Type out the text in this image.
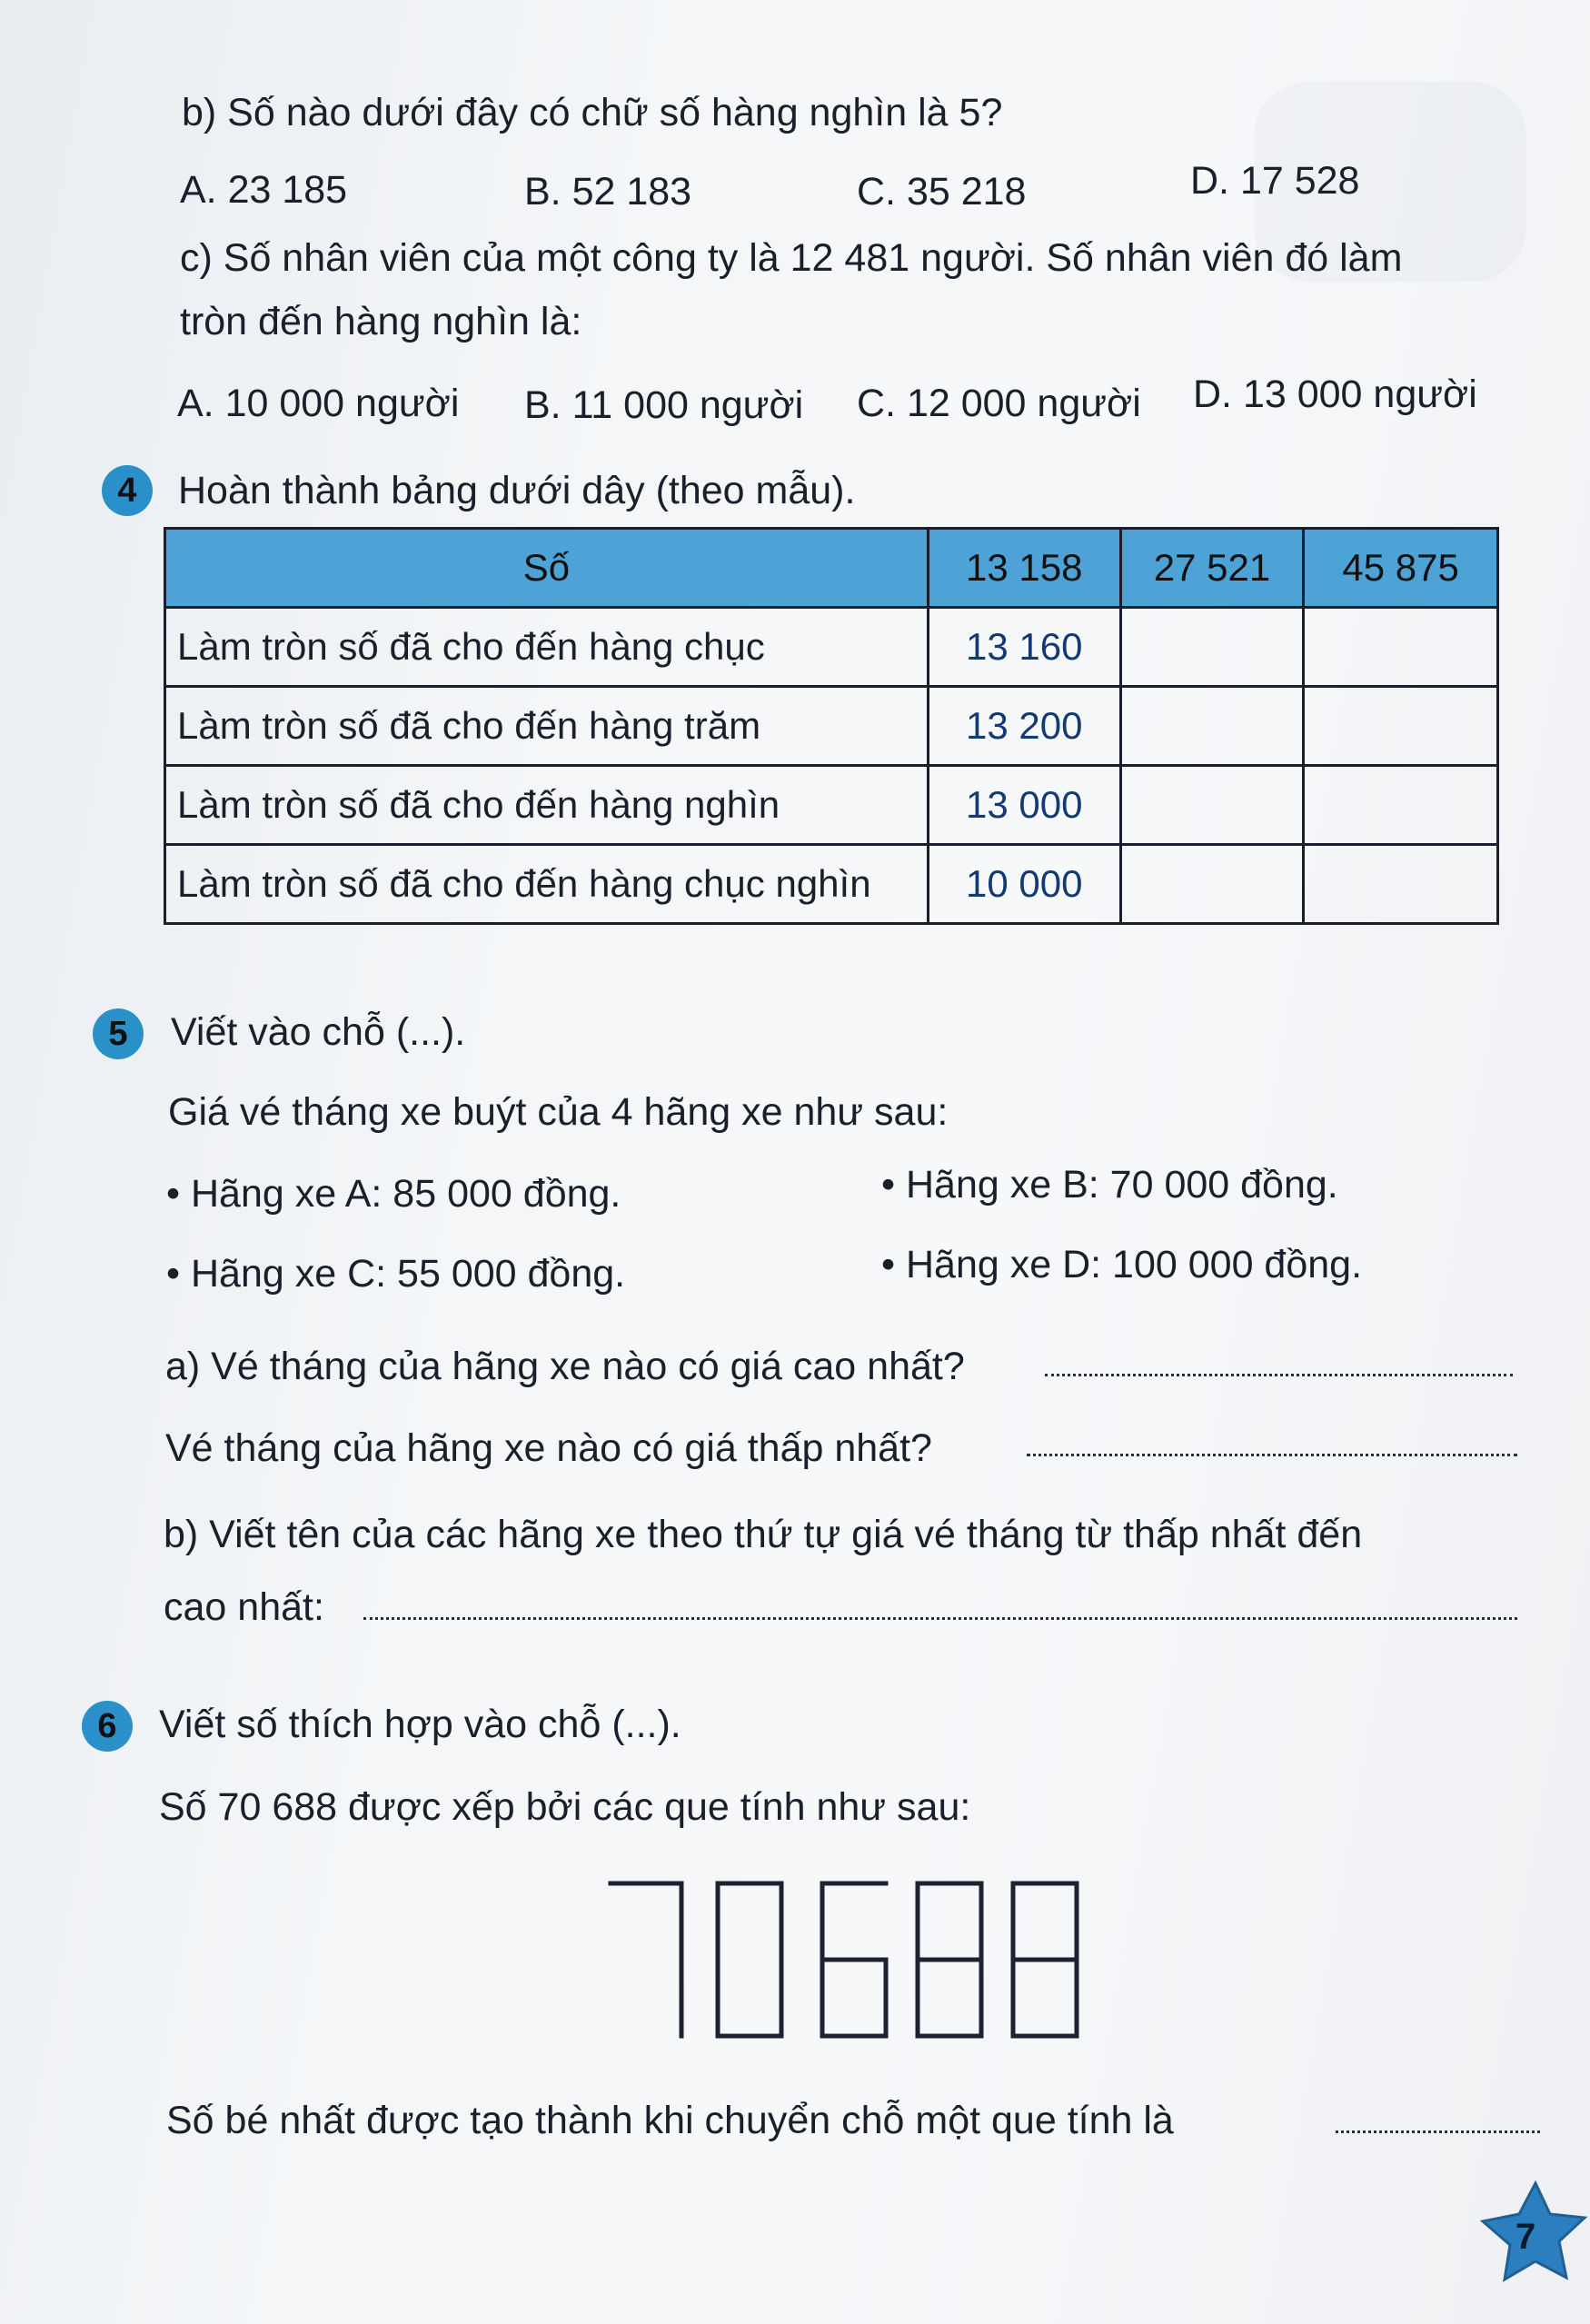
b) Số nào dưới đây có chữ số hàng nghìn là 5?
A. 23 185	B. 52 183	C. 35 218	D. 17 528
c) Số nhân viên của một công ty là 12 481 người. Số nhân viên đó làm
tròn đến hàng nghìn là:
A. 10 000 người B. 11 000 người C. 12 000 người D. 13 000 người
4	Hoàn thành bảng dưới dây (theo mẫu).
Số	13 158	27 521	45 875
Làm tròn số đã cho đến hàng chục	13 160		
Làm tròn số đã cho đến hàng trăm	13 200		
Làm tròn số đã cho đến hàng nghìn	13 000		
Làm tròn số đã cho đến hàng chục nghìn	10 000		
5	Viết vào chỗ (...).
Giá vé tháng xe buýt của 4 hãng xe như sau:
• Hãng xe A: 85 000 đồng.	• Hãng xe B: 70 000 đồng.
• Hãng xe C: 55 000 đồng.	• Hãng xe D: 100 000 đồng.
a) Vé tháng của hãng xe nào có giá cao nhất?
Vé tháng của hãng xe nào có giá thấp nhất?
b) Viết tên của các hãng xe theo thứ tự giá vé tháng từ thấp nhất đến
cao nhất:
6	Viết số thích hợp vào chỗ (...).
Số 70 688 được xếp bởi các que tính như sau:
Số bé nhất được tạo thành khi chuyển chỗ một que tính là
7
